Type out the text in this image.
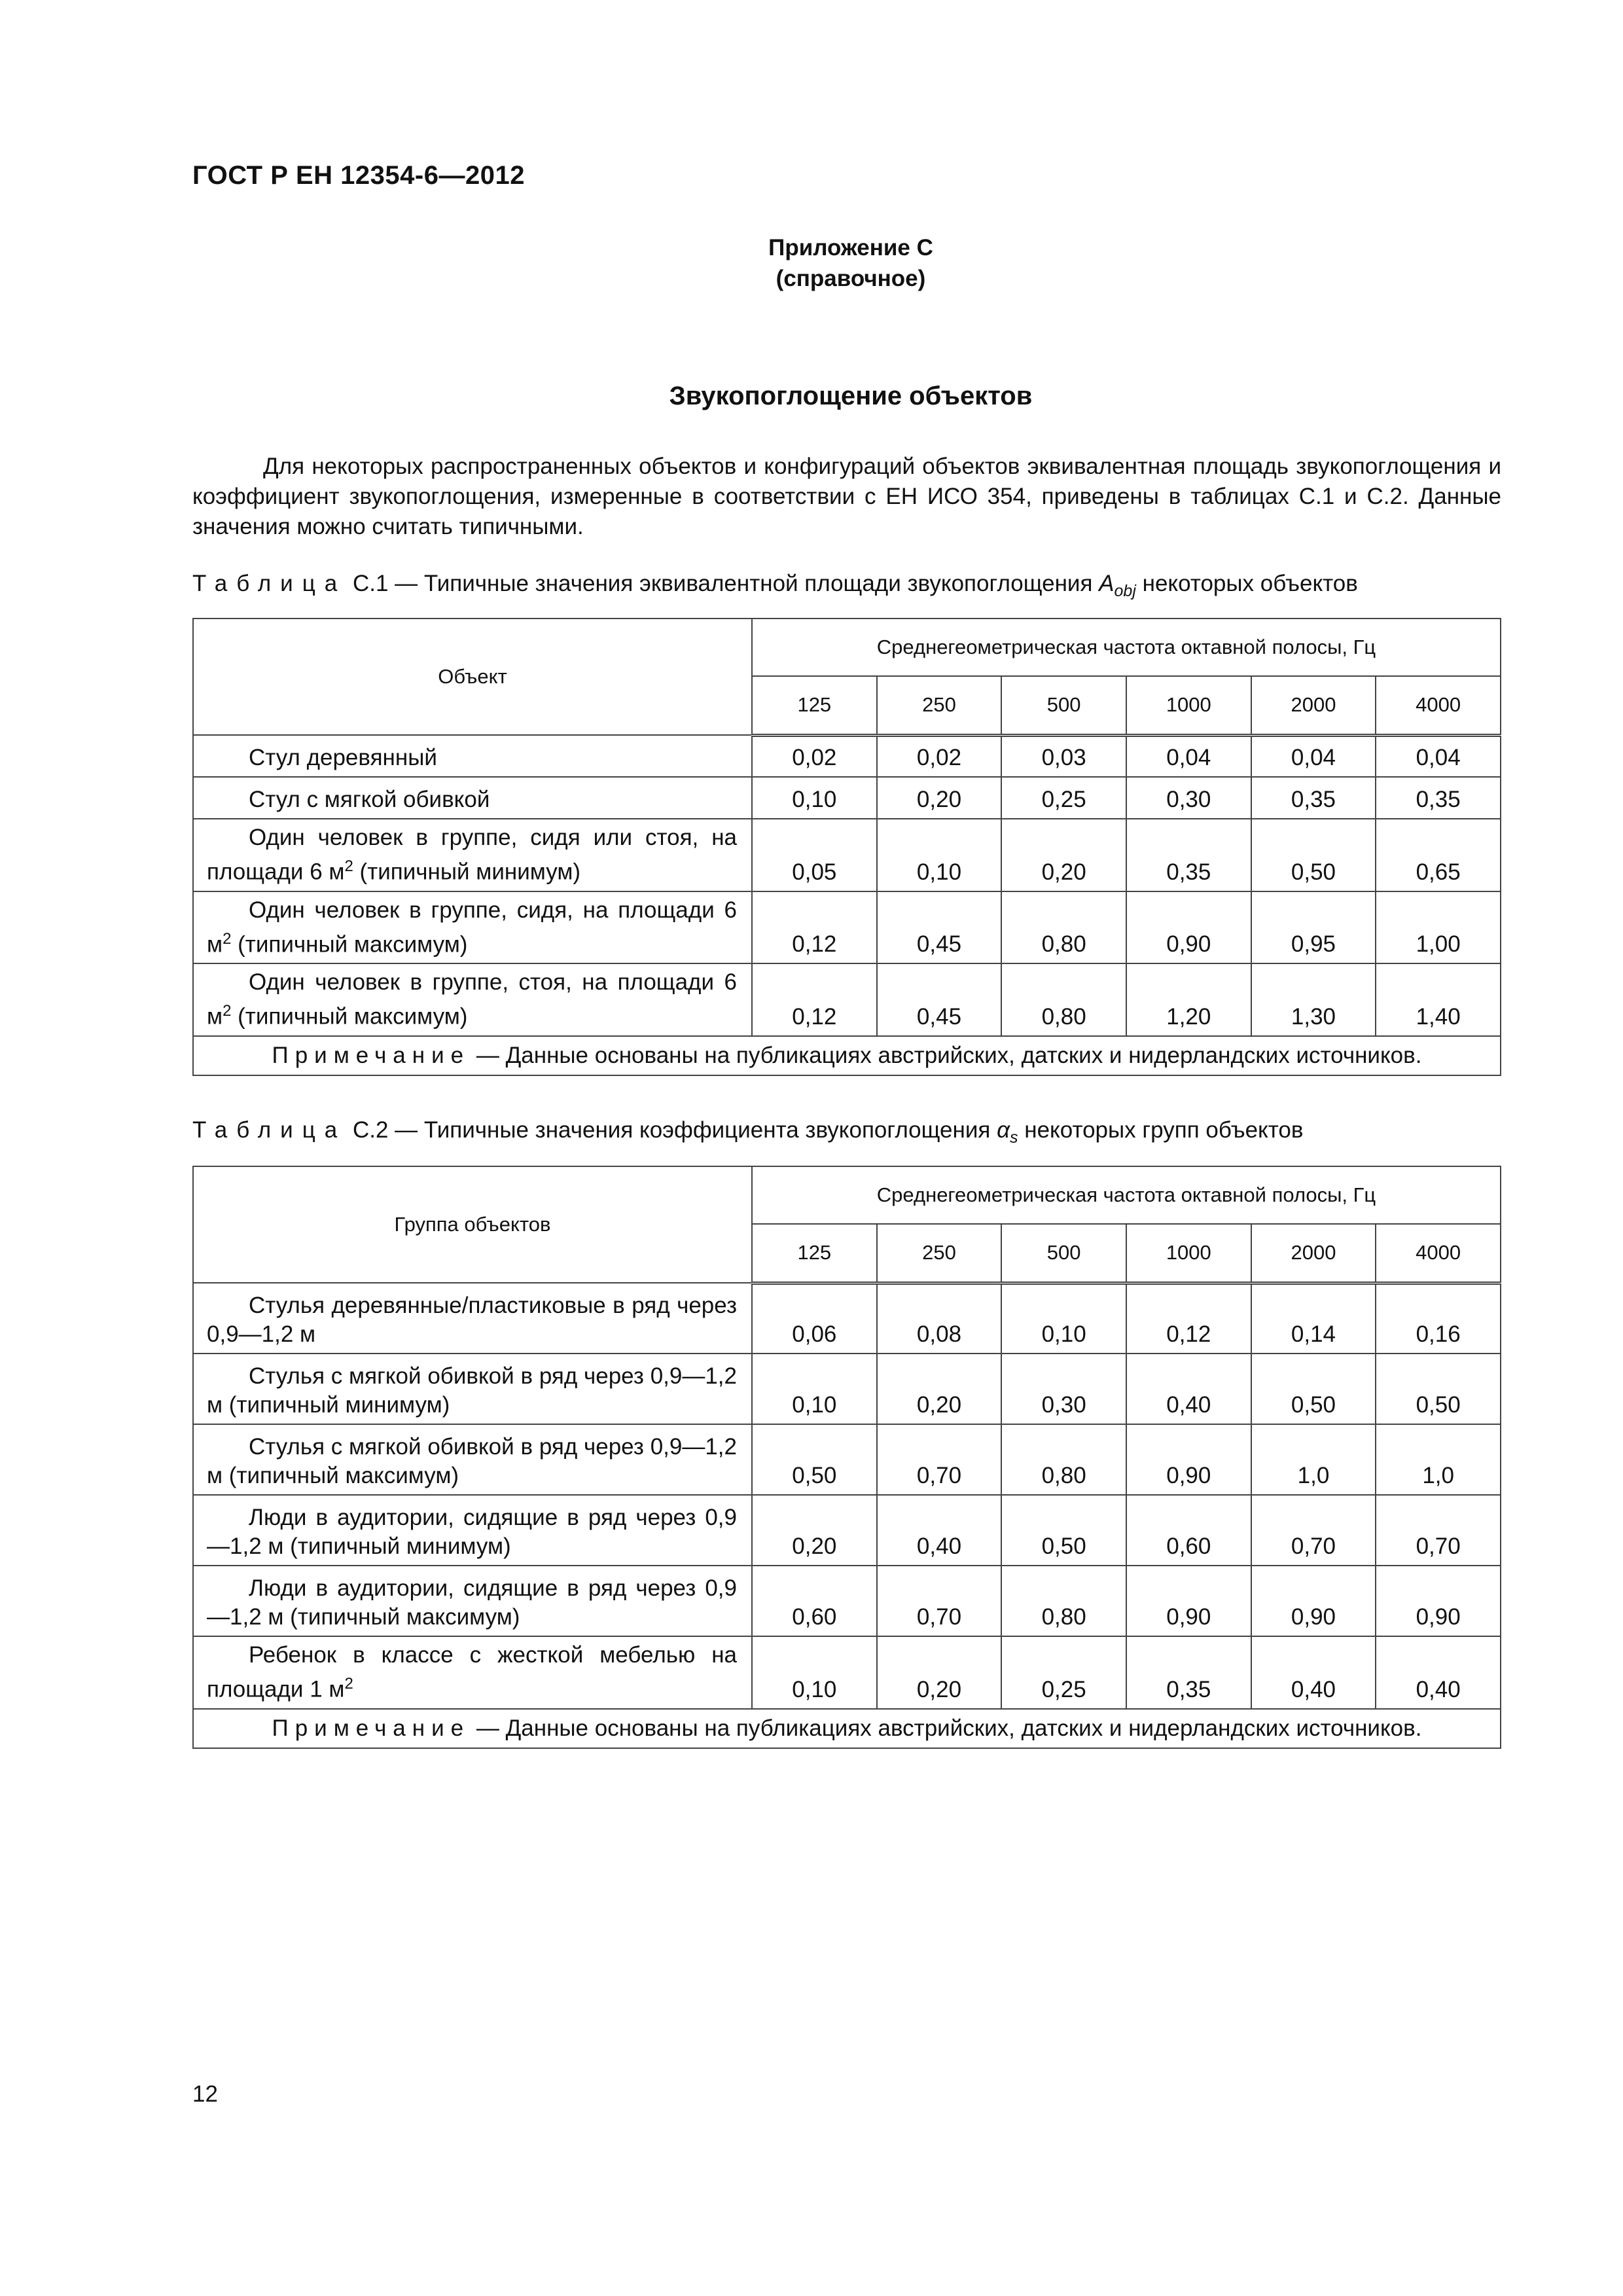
ГОСТ Р ЕН 12354-6—2012
Приложение С
(справочное)
Звукопоглощение объектов

Для некоторых распространенных объектов и конфигураций объектов эквивалентная площадь звукопоглощения и коэффициент звукопоглощения, измеренные в соответствии с ЕН ИСО 354, приведены в таблицах С.1 и С.2. Данные значения можно считать типичными.

Таблица С.1 — Типичные значения эквивалентной площади звукопоглощения $A_{obj}$ некоторых объектов
Объект	Среднегеометрическая частота октавной полосы, Гц					
	125	250	500	1000	2000	4000
Стул деревянный	0,02	0,02	0,03	0,04	0,04	0,04
Стул с мягкой обивкой	0,10	0,20	0,25	0,30	0,35	0,35
Один человек в группе, сидя или стоя, на площади 6 $м^2$ (типичный минимум)	0,05	0,10	0,20	0,35	0,50	0,65
Один человек в группе, сидя, на площади 6 $м^2$ (типичный максимум)	0,12	0,45	0,80	0,90	0,95	1,00
Один человек в группе, стоя, на площади 6 $м^2$ (типичный максимум)	0,12	0,45	0,80	1,20	1,30	1,40
Примечание — Данные основаны на публикациях австрийских, датских и нидерландских источников.						
Таблица С.2 — Типичные значения коэффициента звукопоглощения $\alpha_s$ некоторых групп объектов
Группа объектов	Среднегеометрическая частота октавной полосы, Гц					
	125	250	500	1000	2000	4000
Стулья деревянные/пластиковые в ряд через 0,9—1,2 м	0,06	0,08	0,10	0,12	0,14	0,16
Стулья с мягкой обивкой в ряд через 0,9—1,2 м (типичный минимум)	0,10	0,20	0,30	0,40	0,50	0,50
Стулья с мягкой обивкой в ряд через 0,9—1,2 м (типичный максимум)	0,50	0,70	0,80	0,90	1,0	1,0
Люди в аудитории, сидящие в ряд через 0,9—1,2 м (типичный минимум)	0,20	0,40	0,50	0,60	0,70	0,70
Люди в аудитории, сидящие в ряд через 0,9—1,2 м (типичный максимум)	0,60	0,70	0,80	0,90	0,90	0,90
Ребенок в классе с жесткой мебелью на площади 1 $м^2$	0,10	0,20	0,25	0,35	0,40	0,40
Примечание — Данные основаны на публикациях австрийских, датских и нидерландских источников.						
12
